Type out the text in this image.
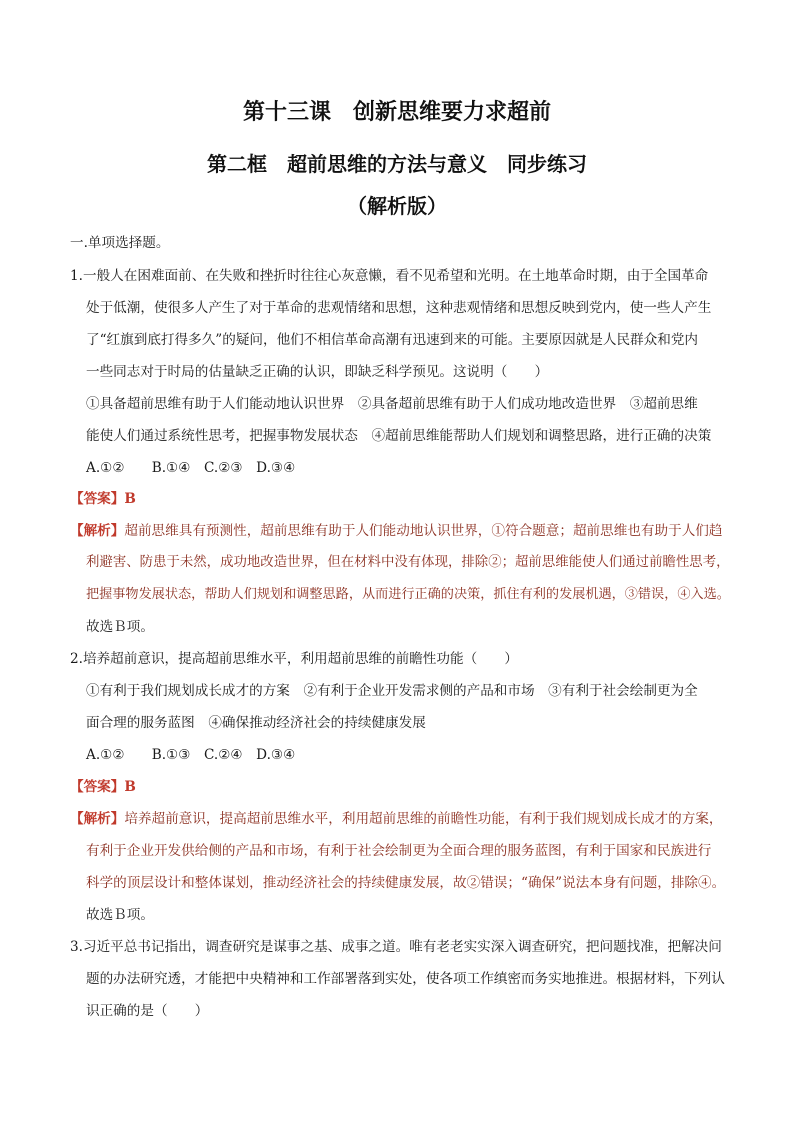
第十三课　创新思维要力求超前
第二框　超前思维的方法与意义　同步练习
（解析版）
一.单项选择题。
1.一般人在困难面前、在失败和挫折时往往心灰意懒，看不见希望和光明。在土地革命时期，由于全国革命
处于低潮，使很多人产生了对于革命的悲观情绪和思想，这种悲观情绪和思想反映到党内，使一些人产生
了“红旗到底打得多久”的疑问，他们不相信革命高潮有迅速到来的可能。主要原因就是人民群众和党内
一些同志对于时局的估量缺乏正确的认识，即缺乏科学预见。这说明（　　）
①具备超前思维有助于人们能动地认识世界　②具备超前思维有助于人们成功地改造世界　③超前思维
能使人们通过系统性思考，把握事物发展状态　④超前思维能帮助人们规划和调整思路，进行正确的决策
A.①②　　B.①④　C.②③　D.③④
【答案】B
【解析】超前思维具有预测性，超前思维有助于人们能动地认识世界，①符合题意；超前思维也有助于人们趋
利避害、防患于未然，成功地改造世界，但在材料中没有体现，排除②；超前思维能使人们通过前瞻性思考，
把握事物发展状态，帮助人们规划和调整思路，从而进行正确的决策，抓住有利的发展机遇，③错误，④入选。
故选Ｂ项。
2.培养超前意识，提高超前思维水平，利用超前思维的前瞻性功能（　　）
①有利于我们规划成长成才的方案　②有利于企业开发需求侧的产品和市场　③有利于社会绘制更为全
面合理的服务蓝图　④确保推动经济社会的持续健康发展
A.①②　　B.①③　C.②④　D.③④
【答案】B
【解析】培养超前意识，提高超前思维水平，利用超前思维的前瞻性功能，有利于我们规划成长成才的方案，
有利于企业开发供给侧的产品和市场，有利于社会绘制更为全面合理的服务蓝图，有利于国家和民族进行
科学的顶层设计和整体谋划，推动经济社会的持续健康发展，故②错误；“确保”说法本身有问题，排除④。
故选Ｂ项。
3.习近平总书记指出，调查研究是谋事之基、成事之道。唯有老老实实深入调查研究，把问题找准，把解决问
题的办法研究透，才能把中央精神和工作部署落到实处，使各项工作缜密而务实地推进。根据材料，下列认
识正确的是（　　）
